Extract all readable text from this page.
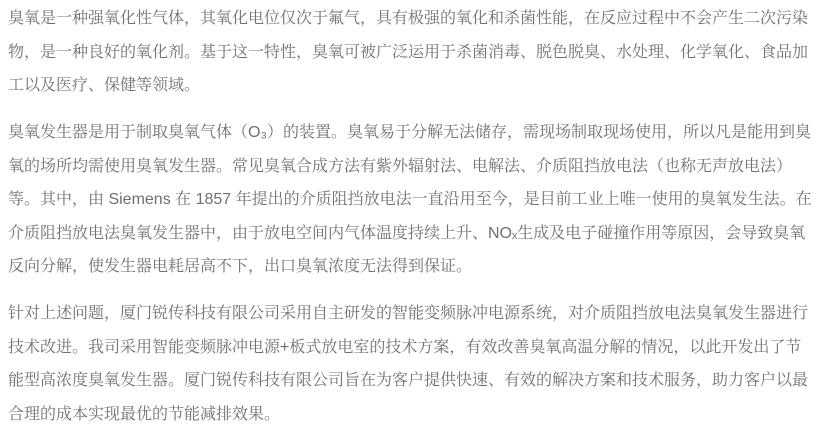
臭氧是一种强氧化性气体，其氧化电位仅次于氟气，具有极强的氧化和杀菌性能，在反应过程中不会产生二次污染物，是一种良好的氧化剂。基于这一特性，臭氧可被广泛运用于杀菌消毒、脱色脱臭、水处理、化学氧化、食品加工以及医疗、保健等领域。

臭氧发生器是用于制取臭氧气体（O₃）的装置。臭氧易于分解无法储存，需现场制取现场使用，所以凡是能用到臭氧的场所均需使用臭氧发生器。常见臭氧合成方法有紫外辐射法、电解法、介质阻挡放电法（也称无声放电法）等。其中，由 Siemens 在 1857 年提出的介质阻挡放电法一直沿用至今，是目前工业上唯一使用的臭氧发生法。在介质阻挡放电法臭氧发生器中，由于放电空间内气体温度持续上升、NOₓ生成及电子碰撞作用等原因，会导致臭氧反向分解，使发生器电耗居高不下，出口臭氧浓度无法得到保证。

针对上述问题，厦门锐传科技有限公司采用自主研发的智能变频脉冲电源系统，对介质阻挡放电法臭氧发生器进行技术改进。我司采用智能变频脉冲电源+板式放电室的技术方案，有效改善臭氧高温分解的情况，以此开发出了节能型高浓度臭氧发生器。厦门锐传科技有限公司旨在为客户提供快速、有效的解决方案和技术服务，助力客户以最合理的成本实现最优的节能减排效果。
